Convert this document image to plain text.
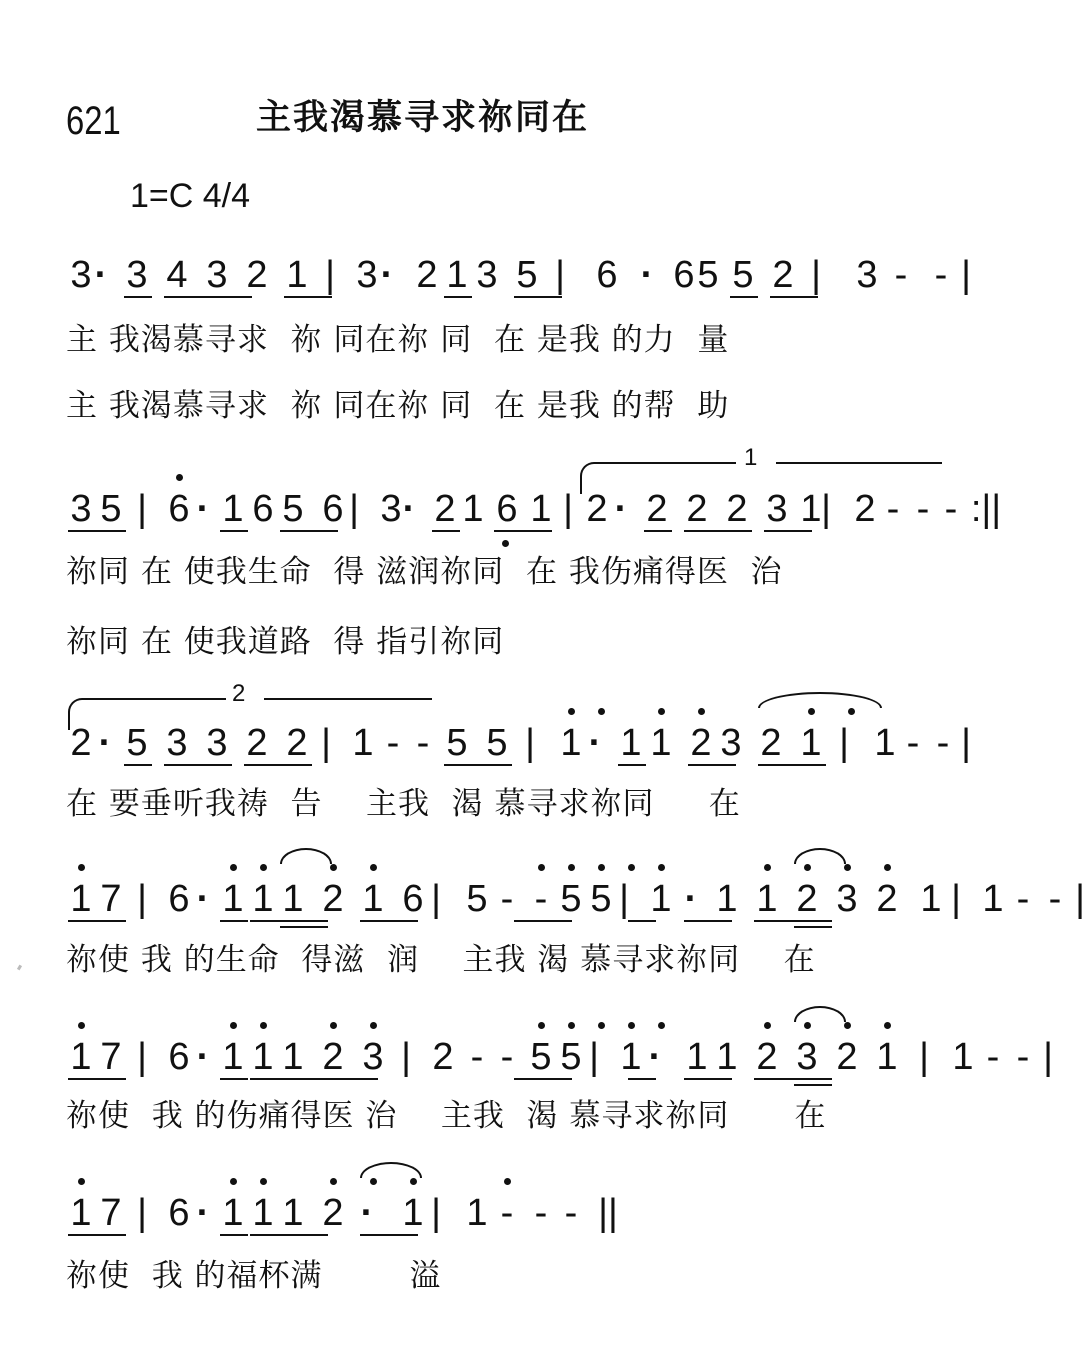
621	主我渴慕寻求祢同在
1=C 4/4
3 · 3 4 3 2 1 | 3 · 2 1 3 5 | 6 · 6 5 5 2 | 3 - - |
主 我渴慕寻求  祢 同在祢 同  在 是我 的力  量
主 我渴慕寻求  祢 同在祢 同  在 是我 的帮  助
1
3 5 | 6 · 1 6 5 6 | 3 · 2 1 6 1 | 2 · 2 2 2 3 1 | 2 - - - :||
祢同 在 使我生命  得 滋润祢同  在 我伤痛得医  治
祢同 在 使我道路  得 指引祢同
2
2 · 5 3 3 2 2 | 1 - - 5 5 | 1 · 1 1 2 3 2 1 | 1 - - |
在 要垂听我祷  告    主我  渴 慕寻求祢同     在
1 7 | 6 · 1 1 1 2 1 6 | 5 - - 5 5 | 1 · 1 1 2 3 2 1 | 1 - - |
祢使 我 的生命  得滋  润    主我 渴 慕寻求祢同    在
1 7 | 6 · 1 1 1 2 3 | 2 - - 5 5 | 1 · 1 1 2 3 2 1 | 1 - - |
祢使  我 的伤痛得医 治    主我  渴 慕寻求祢同      在
1 7 | 6 · 1 1 1 2 · 1 | 1 - - - ||
祢使  我 的福杯满        溢
